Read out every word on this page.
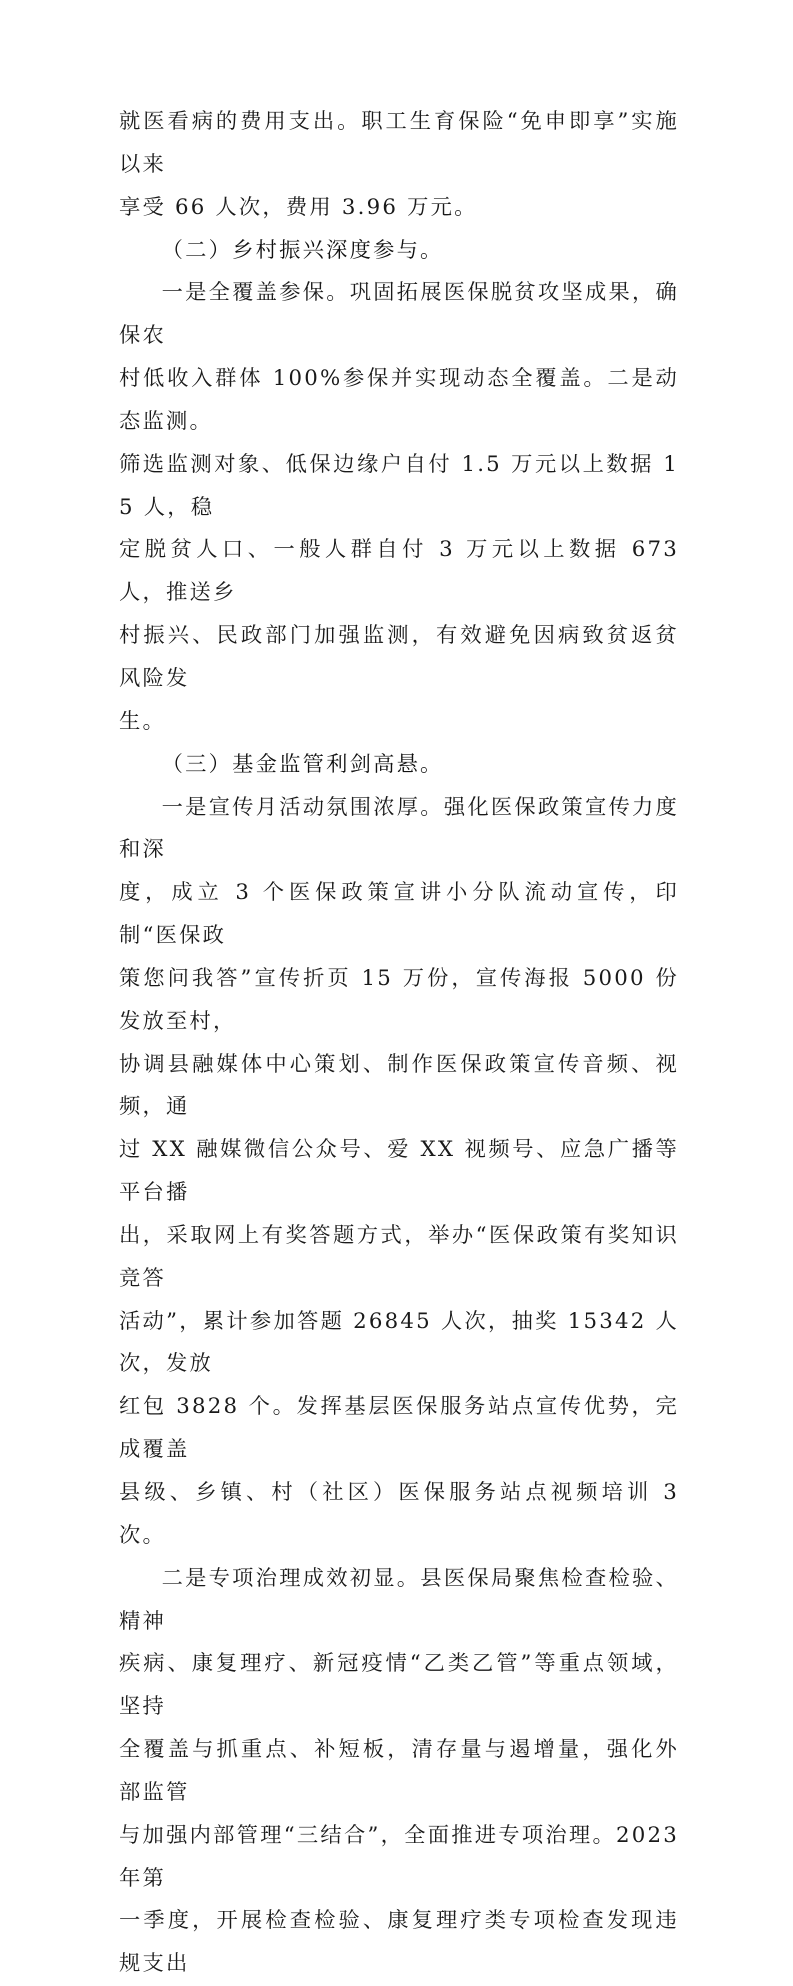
就医看病的费用支出。职工生育保险“免申即享”实施以来
享受 66 人次，费用 3.96 万元。

（二）乡村振兴深度参与。

一是全覆盖参保。巩固拓展医保脱贫攻坚成果，确保农
村低收入群体 100%参保并实现动态全覆盖。二是动态监测。
筛选监测对象、低保边缘户自付 1.5 万元以上数据 15 人，稳
定脱贫人口、一般人群自付 3 万元以上数据 673 人，推送乡
村振兴、民政部门加强监测，有效避免因病致贫返贫风险发
生。

（三）基金监管利剑高悬。

一是宣传月活动氛围浓厚。强化医保政策宣传力度和深
度，成立 3 个医保政策宣讲小分队流动宣传，印制“医保政
策您问我答”宣传折页 15 万份，宣传海报 5000 份发放至村，
协调县融媒体中心策划、制作医保政策宣传音频、视频，通
过 XX 融媒微信公众号、爱 XX 视频号、应急广播等平台播
出，采取网上有奖答题方式，举办“医保政策有奖知识竞答
活动”，累计参加答题 26845 人次，抽奖 15342 人次，发放
红包 3828 个。发挥基层医保服务站点宣传优势，完成覆盖
县级、乡镇、村（社区）医保服务站点视频培训 3 次。

二是专项治理成效初显。县医保局聚焦检查检验、精神
疾病、康复理疗、新冠疫情“乙类乙管”等重点领域，坚持
全覆盖与抓重点、补短板，清存量与遏增量，强化外部监管
与加强内部管理“三结合”，全面推进专项治理。2023 年第
一季度，开展检查检验、康复理疗类专项检查发现违规支出
